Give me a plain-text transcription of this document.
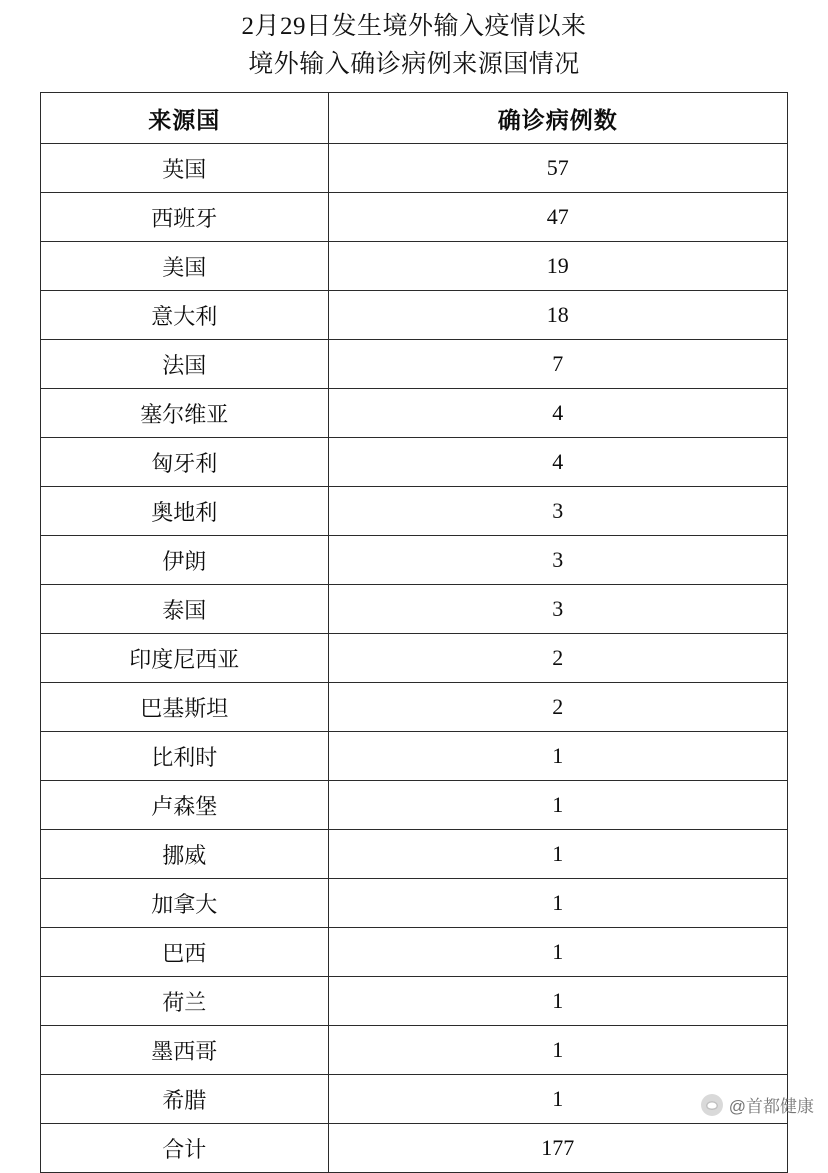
2月29日发生境外输入疫情以来
境外输入确诊病例来源国情况
来源国	确诊病例数
英国	57
西班牙	47
美国	19
意大利	18
法国	7
塞尔维亚	4
匈牙利	4
奥地利	3
伊朗	3
泰国	3
印度尼西亚	2
巴基斯坦	2
比利时	1
卢森堡	1
挪威	1
加拿大	1
巴西	1
荷兰	1
墨西哥	1
希腊	1
合计	177
@首都健康
